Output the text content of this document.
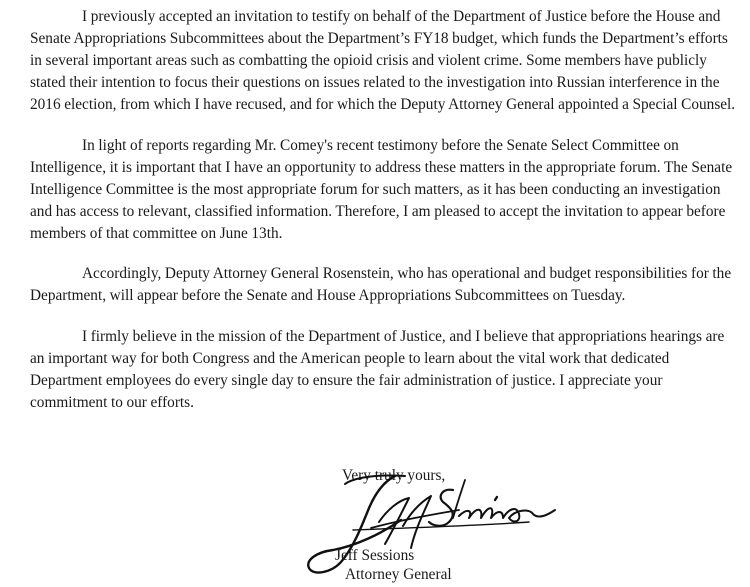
I previously accepted an invitation to testify on behalf of the Department of Justice before the House and Senate Appropriations Subcommittees about the Department’s FY18 budget, which funds the Department’s efforts in several important areas such as combatting the opioid crisis and violent crime. Some members have publicly stated their intention to focus their questions on issues related to the investigation into Russian interference in the 2016 election, from which I have recused, and for which the Deputy Attorney General appointed a Special Counsel.

In light of reports regarding Mr. Comey's recent testimony before the Senate Select Committee on Intelligence, it is important that I have an opportunity to address these matters in the appropriate forum. The Senate Intelligence Committee is the most appropriate forum for such matters, as it has been conducting an investigation and has access to relevant, classified information. Therefore, I am pleased to accept the invitation to appear before members of that committee on June 13th.

Accordingly, Deputy Attorney General Rosenstein, who has operational and budget responsibilities for the Department, will appear before the Senate and House Appropriations Subcommittees on Tuesday.

I firmly believe in the mission of the Department of Justice, and I believe that appropriations hearings are an important way for both Congress and the American people to learn about the vital work that dedicated Department employees do every single day to ensure the fair administration of justice. I appreciate your commitment to our efforts.

Very truly yours,
Jeff Sessions
Attorney General
